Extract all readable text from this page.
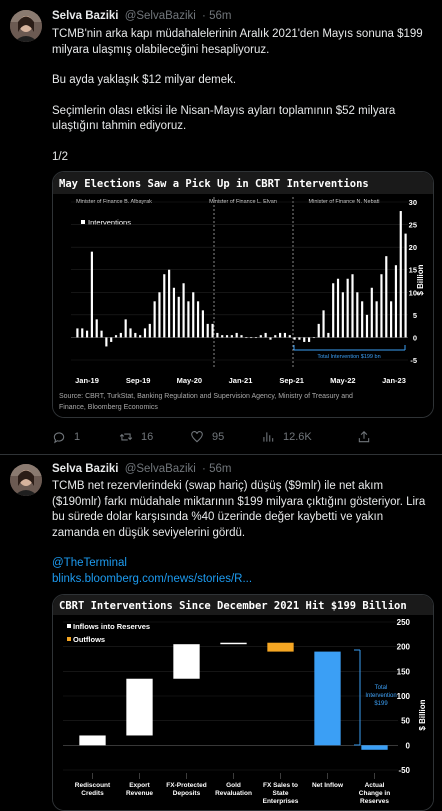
Selva Baziki @SelvaBaziki · 56m

TCMB'nin arka kapı müdahalelerinin Aralık 2021'den Mayıs sonuna $199 milyara ulaşmış olabileceğini hesapliyoruz.

Bu ayda yaklaşık $12 milyar demek.

Seçimlerin olası etkisi ile Nisan-Mayıs ayları toplamının $52 milyara ulaştığını tahmin ediyoruz.

1/2

May Elections Saw a Pick Up in CBRT Interventions
Minister of Finance B. Albayrak	Minister of Finance L. Elvan	Minister of Finance N. Nebati
Interventions
30
25
20
15
10
5
0
-5
Jan-19	Sep-19	May-20	Jan-21	Sep-21	May-22	Jan-23
$ Billion
Total Intervention $199 bn
Source: CBRT, TurkStat, Banking Regulation and Supervision Agency, Ministry of Treasury and
Finance, Bloomberg Economics
1	16	95	12.6K
Selva Baziki @SelvaBaziki · 56m

TCMB net rezervlerindeki (swap hariç) düşüş ($9mlr) ile net akım ($190mlr) farkı müdahale miktarının $199 milyara çıktığını gösteriyor. Lira bu sürede dolar karşısında %40 üzerinde değer kaybetti ve yakın zamanda en düşük seviyelerini gördü.

@TheTerminal

blinks.bloomberg.com/news/stories/R...

CBRT Interventions Since December 2021 Hit $199 Billion
Inflows into Reserves
Outflows
250
200
150
100
50
0
-50
Rediscount
Credits
Export
Revenue
FX-Protected
Deposits
Gold
Revaluation
FX Sales to
State
Enterprises
Net Inflow	Actual
Change in
Reserves
$ Billion
Total
Intervention
$199
